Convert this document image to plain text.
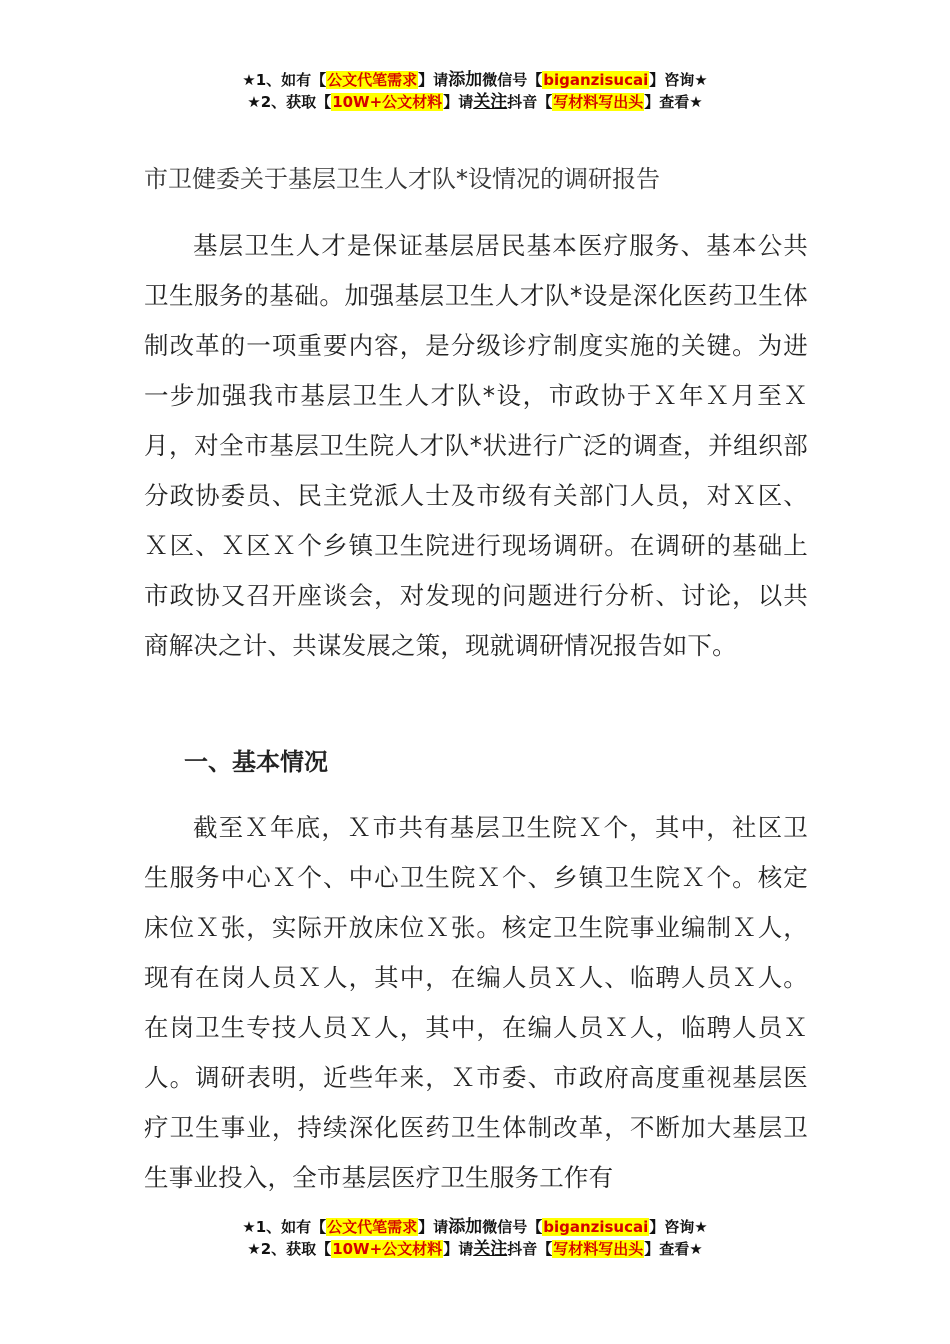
★1、如有【公文代笔需求】请添加微信号【biganzisucai】咨询★
★2、获取【10W+公文材料】请关注抖音【写材料写出头】查看★
市卫健委关于基层卫生人才队*设情况的调研报告

基层卫生人才是保证基层居民基本医疗服务、基本公共卫生服务的基础。加强基层卫生人才队*设是深化医药卫生体制改革的一项重要内容，是分级诊疗制度实施的关键。为进一步加强我市基层卫生人才队*设，市政协于Ｘ年Ｘ月至Ｘ月，对全市基层卫生院人才队*状进行广泛的调查，并组织部分政协委员、民主党派人士及市级有关部门人员，对Ｘ区、Ｘ区、Ｘ区Ｘ个乡镇卫生院进行现场调研。在调研的基础上市政协又召开座谈会，对发现的问题进行分析、讨论，以共商解决之计、共谋发展之策，现就调研情况报告如下。

一、基本情况

截至Ｘ年底，Ｘ市共有基层卫生院Ｘ个，其中，社区卫生服务中心Ｘ个、中心卫生院Ｘ个、乡镇卫生院Ｘ个。核定床位Ｘ张，实际开放床位Ｘ张。核定卫生院事业编制Ｘ人，现有在岗人员Ｘ人，其中，在编人员Ｘ人、临聘人员Ｘ人。在岗卫生专技人员Ｘ人，其中，在编人员Ｘ人，临聘人员Ｘ人。调研表明，近些年来，Ｘ市委、市政府高度重视基层医疗卫生事业，持续深化医药卫生体制改革，不断加大基层卫生事业投入，全市基层医疗卫生服务工作有

★1、如有【公文代笔需求】请添加微信号【biganzisucai】咨询★
★2、获取【10W+公文材料】请关注抖音【写材料写出头】查看★
